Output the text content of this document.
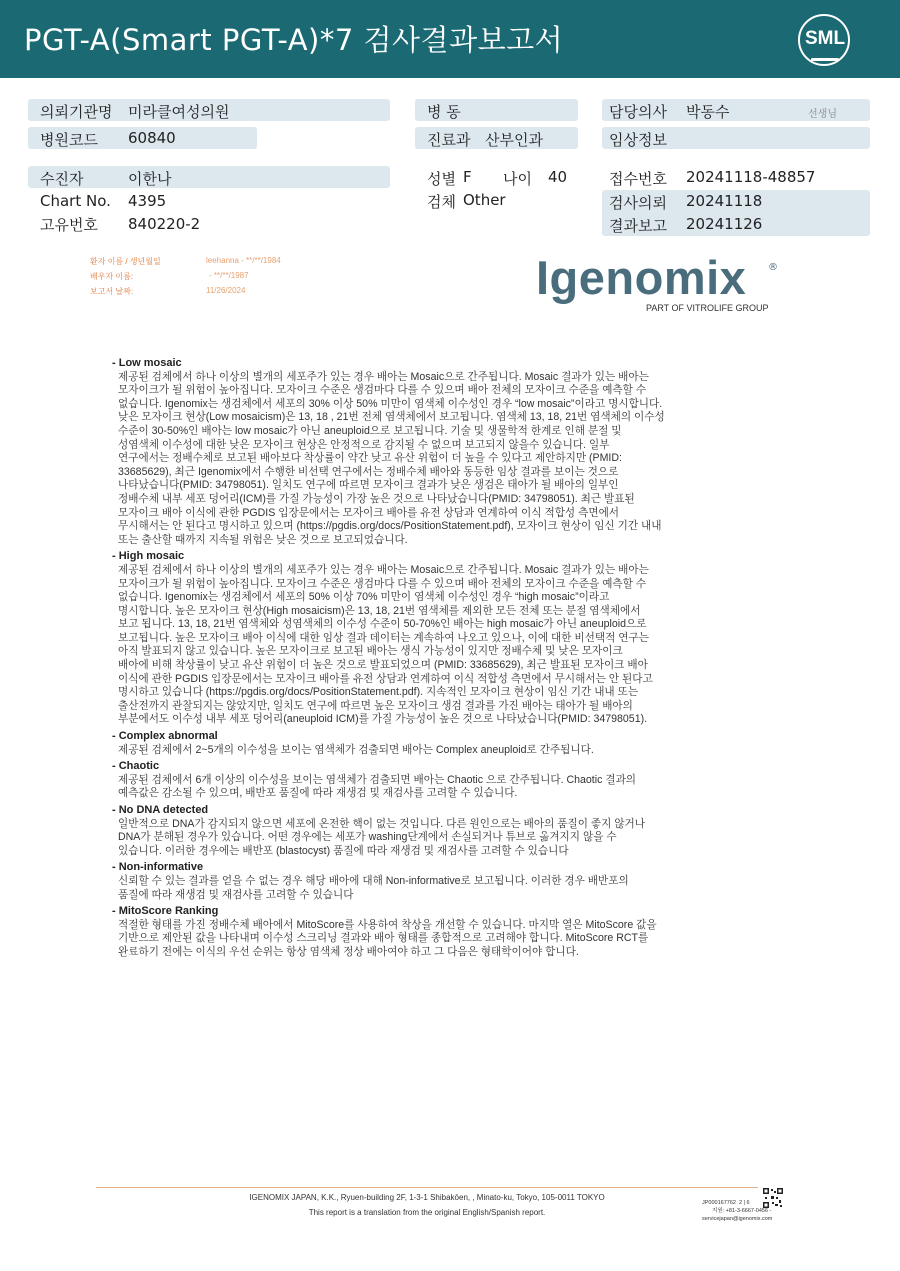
PGT-A(Smart PGT-A)*7 검사결과보고서	SML
의뢰기관명 미라클여성의원	병 동	담당의사 박동수	선생님
병원코드 60840	진료과 산부인과	임상정보
수진자	이한나	성별 F 나이 40	접수번호 20241118-48857
Chart No. 4395	검체 Other	검사의뢰 20241118
고유번호 840220-2	결과보고 20241126
환자 이름 / 생년월일	leehanna - **/**/1984
배우자 이름:	- **/**/1987
보고서 날짜:	11/26/2024	Igenomix ®
PART OF VITROLIFE GROUP
- Low mosaic
제공된 검체에서 하나 이상의 별개의 세포주가 있는 경우 배아는 Mosaic으로 간주됩니다. Mosaic 결과가 있는 배아는
모자이크가 될 위험이 높아집니다. 모자이크 수준은 생검마다 다를 수 있으며 배아 전체의 모자이크 수준을 예측할 수
없습니다. Igenomix는 생검체에서 세포의 30% 이상 50% 미만이 염색체 이수성인 경우 “low mosaic”이라고 명시합니다.
낮은 모자이크 현상(Low mosaicism)은 13, 18 , 21번 전체 염색체에서 보고됩니다. 염색체 13, 18, 21번 염색체의 이수성
수준이 30-50%인 배아는 low mosaic가 아닌 aneuploid으로 보고됩니다. 기술 및 생물학적 한계로 인해 분절 및
성염색체 이수성에 대한 낮은 모자이크 현상은 안정적으로 감지될 수 없으며 보고되지 않을수 있습니다. 일부
연구에서는 정배수체로 보고된 배아보다 착상률이 약간 낮고 유산 위험이 더 높을 수 있다고 제안하지만 (PMID:
33685629), 최근 Igenomix에서 수행한 비선택 연구에서는 정배수체 배아와 동등한 임상 결과를 보이는 것으로
나타났습니다(PMID: 34798051). 일치도 연구에 따르면 모자이크 결과가 낮은 생검은 태아가 될 배아의 일부인
정배수체 내부 세포 덩어리(ICM)를 가질 가능성이 가장 높은 것으로 나타났습니다(PMID: 34798051). 최근 발표된
모자이크 배아 이식에 관한 PGDIS 입장문에서는 모자이크 배아를 유전 상담과 연계하여 이식 적합성 측면에서
무시해서는 안 된다고 명시하고 있으며 (https://pgdis.org/docs/PositionStatement.pdf), 모자이크 현상이 임신 기간 내내
또는 출산할 때까지 지속될 위험은 낮은 것으로 보고되었습니다.
- High mosaic
제공된 검체에서 하나 이상의 별개의 세포주가 있는 경우 배아는 Mosaic으로 간주됩니다. Mosaic 결과가 있는 배아는
모자이크가 될 위험이 높아집니다. 모자이크 수준은 생검마다 다를 수 있으며 배아 전체의 모자이크 수준을 예측할 수
없습니다. Igenomix는 생검체에서 세포의 50% 이상 70% 미만이 염색체 이수성인 경우 “high mosaic”이라고
명시합니다. 높은 모자이크 현상(High mosaicism)은 13, 18, 21번 염색체를 제외한 모든 전체 또는 분절 염색체에서
보고 됩니다. 13, 18, 21번 염색체와 성염색체의 이수성 수준이 50-70%인 배아는 high mosaic가 아닌 aneuploid으로
보고됩니다. 높은 모자이크 배아 이식에 대한 임상 결과 데이터는 계속하여 나오고 있으나, 이에 대한 비선택적 연구는
아직 발표되지 않고 있습니다. 높은 모자이크로 보고된 배아는 생식 가능성이 있지만 정배수체 및 낮은 모자이크
배아에 비해 착상률이 낮고 유산 위험이 더 높은 것으로 발표되었으며 (PMID: 33685629), 최근 발표된 모자이크 배아
이식에 관한 PGDIS 입장문에서는 모자이크 배아를 유전 상담과 연계하여 이식 적합성 측면에서 무시해서는 안 된다고
명시하고 있습니다 (https://pgdis.org/docs/PositionStatement.pdf). 지속적인 모자이크 현상이 임신 기간 내내 또는
출산전까지 관찰되지는 않았지만, 일치도 연구에 따르면 높은 모자이크 생검 결과를 가진 배아는 태아가 될 배아의
부분에서도 이수성 내부 세포 덩어리(aneuploid ICM)를 가질 가능성이 높은 것으로 나타났습니다(PMID: 34798051).
- Complex abnormal
제공된 검체에서 2~5개의 이수성을 보이는 염색체가 검출되면 배아는 Complex aneuploid로 간주됩니다.
- Chaotic
제공된 검체에서 6개 이상의 이수성을 보이는 염색체가 검출되면 배아는 Chaotic 으로 간주됩니다. Chaotic 결과의
예측값은 감소될 수 있으며, 배반포 품질에 따라 재생검 및 재검사를 고려할 수 있습니다.
- No DNA detected
일반적으로 DNA가 감지되지 않으면 세포에 온전한 핵이 없는 것입니다. 다른 원인으로는 배아의 품질이 좋지 않거나
DNA가 분해된 경우가 있습니다. 어떤 경우에는 세포가 washing단계에서 손실되거나 튜브로 옮겨지지 않을 수
있습니다. 이러한 경우에는 배반포 (blastocyst) 품질에 따라 재생검 및 재검사를 고려할 수 있습니다
- Non-informative
신뢰할 수 있는 결과를 얻을 수 없는 경우 해당 배아에 대해 Non-informative로 보고됩니다. 이러한 경우 배반포의
품질에 따라 재생검 및 재검사를 고려할 수 있습니다
- MitoScore Ranking
적절한 형태를 가진 정배수체 배아에서 MitoScore를 사용하여 착상을 개선할 수 있습니다. 마지막 열은 MitoScore 값을
기반으로 제안된 값을 나타내며 이수성 스크리닝 결과와 배아 형태를 종합적으로 고려해야 합니다. MitoScore RCT를
완료하기 전에는 이식의 우선 순위는 항상 염색체 정상 배아여야 하고 그 다음은 형태학이어야 합니다.
IGENOMIX JAPAN, K.K., Ryuen-building 2F, 1-3-1 Shibakōen, , Minato-ku, Tokyo, 105-0011 TOKYO
This report is a translation from the original English/Spanish report.
JP000167762 2 | 6
지원: +81-3-6667-0456 -
servicejapan@igenomix.com
